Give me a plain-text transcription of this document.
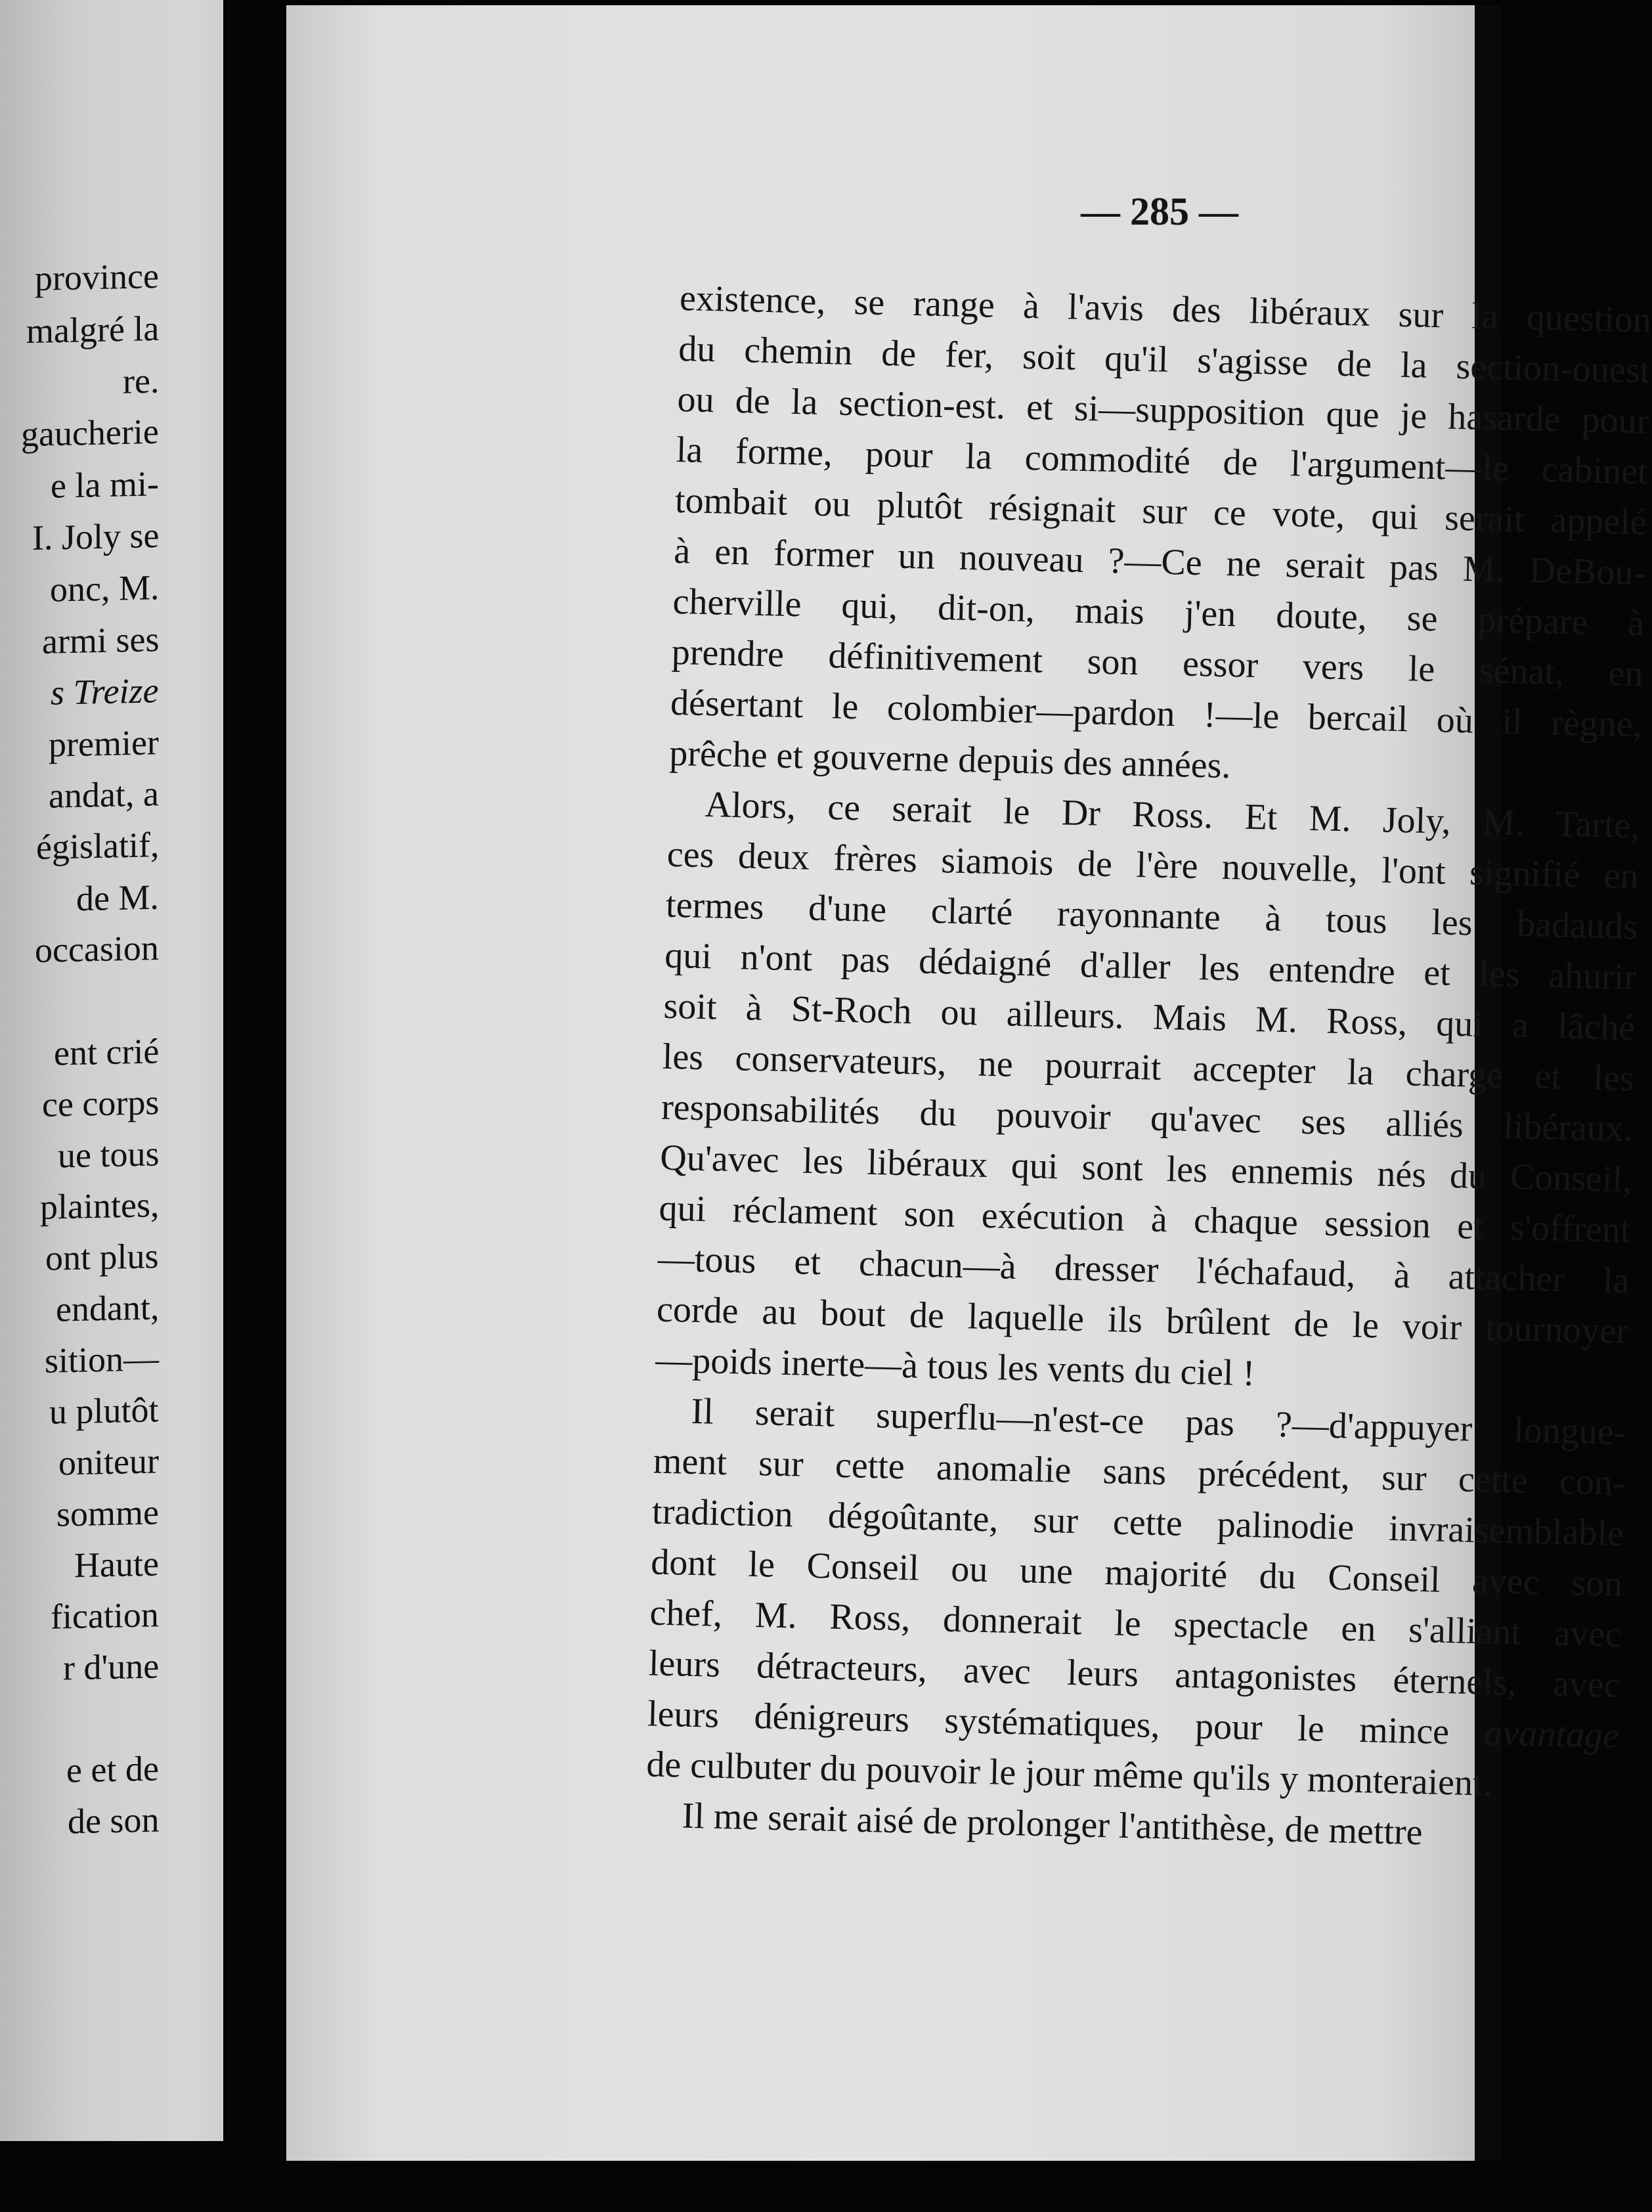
province
malgré la
re.
gaucherie
e la mi-
I. Joly se
onc, M.
armi ses
s Treize
premier
andat, a
égislatif,
de M.
occasion
ent crié
ce corps
ue tous
plaintes,
ont plus
endant,
sition—
u plutôt
oniteur
somme
Haute
fication
r d'une
e et de
de son
— 285 —
existence, se range à l'avis des libéraux sur la question
du chemin de fer, soit qu'il s'agisse de la section-ouest
ou de la section-est. et si—supposition que je hasarde pour
la forme, pour la commodité de l'argument—le cabinet
tombait ou plutôt résignait sur ce vote, qui serait appelé
à en former un nouveau ?—Ce ne serait pas M. DeBou-
cherville qui, dit-on, mais j'en doute, se prépare à
prendre définitivement son essor vers le sénat, en
désertant le colombier—pardon !—le bercail où il règne,
prêche et gouverne depuis des années.
Alors, ce serait le Dr Ross. Et M. Joly, M. Tarte,
ces deux frères siamois de l'ère nouvelle, l'ont signifié en
termes d'une clarté rayonnante à tous les badauds
qui n'ont pas dédaigné d'aller les entendre et les ahurir
soit à St-Roch ou ailleurs. Mais M. Ross, qui a lâché
les conservateurs, ne pourrait accepter la charge et les
responsabilités du pouvoir qu'avec ses alliés libéraux.
Qu'avec les libéraux qui sont les ennemis nés du Conseil,
qui réclament son exécution à chaque session et s'offrent
—tous et chacun—à dresser l'échafaud, à attacher la
corde au bout de laquelle ils brûlent de le voir tournoyer
—poids inerte—à tous les vents du ciel !
Il serait superflu—n'est-ce pas ?—d'appuyer longue-
ment sur cette anomalie sans précédent, sur cette con-
tradiction dégoûtante, sur cette palinodie invraisemblable
dont le Conseil ou une majorité du Conseil avec son
chef, M. Ross, donnerait le spectacle en s'alliant avec
leurs détracteurs, avec leurs antagonistes éternels, avec
leurs dénigreurs systématiques, pour le mince avantage
de culbuter du pouvoir le jour même qu'ils y monteraient.
Il me serait aisé de prolonger l'antithèse, de mettre
